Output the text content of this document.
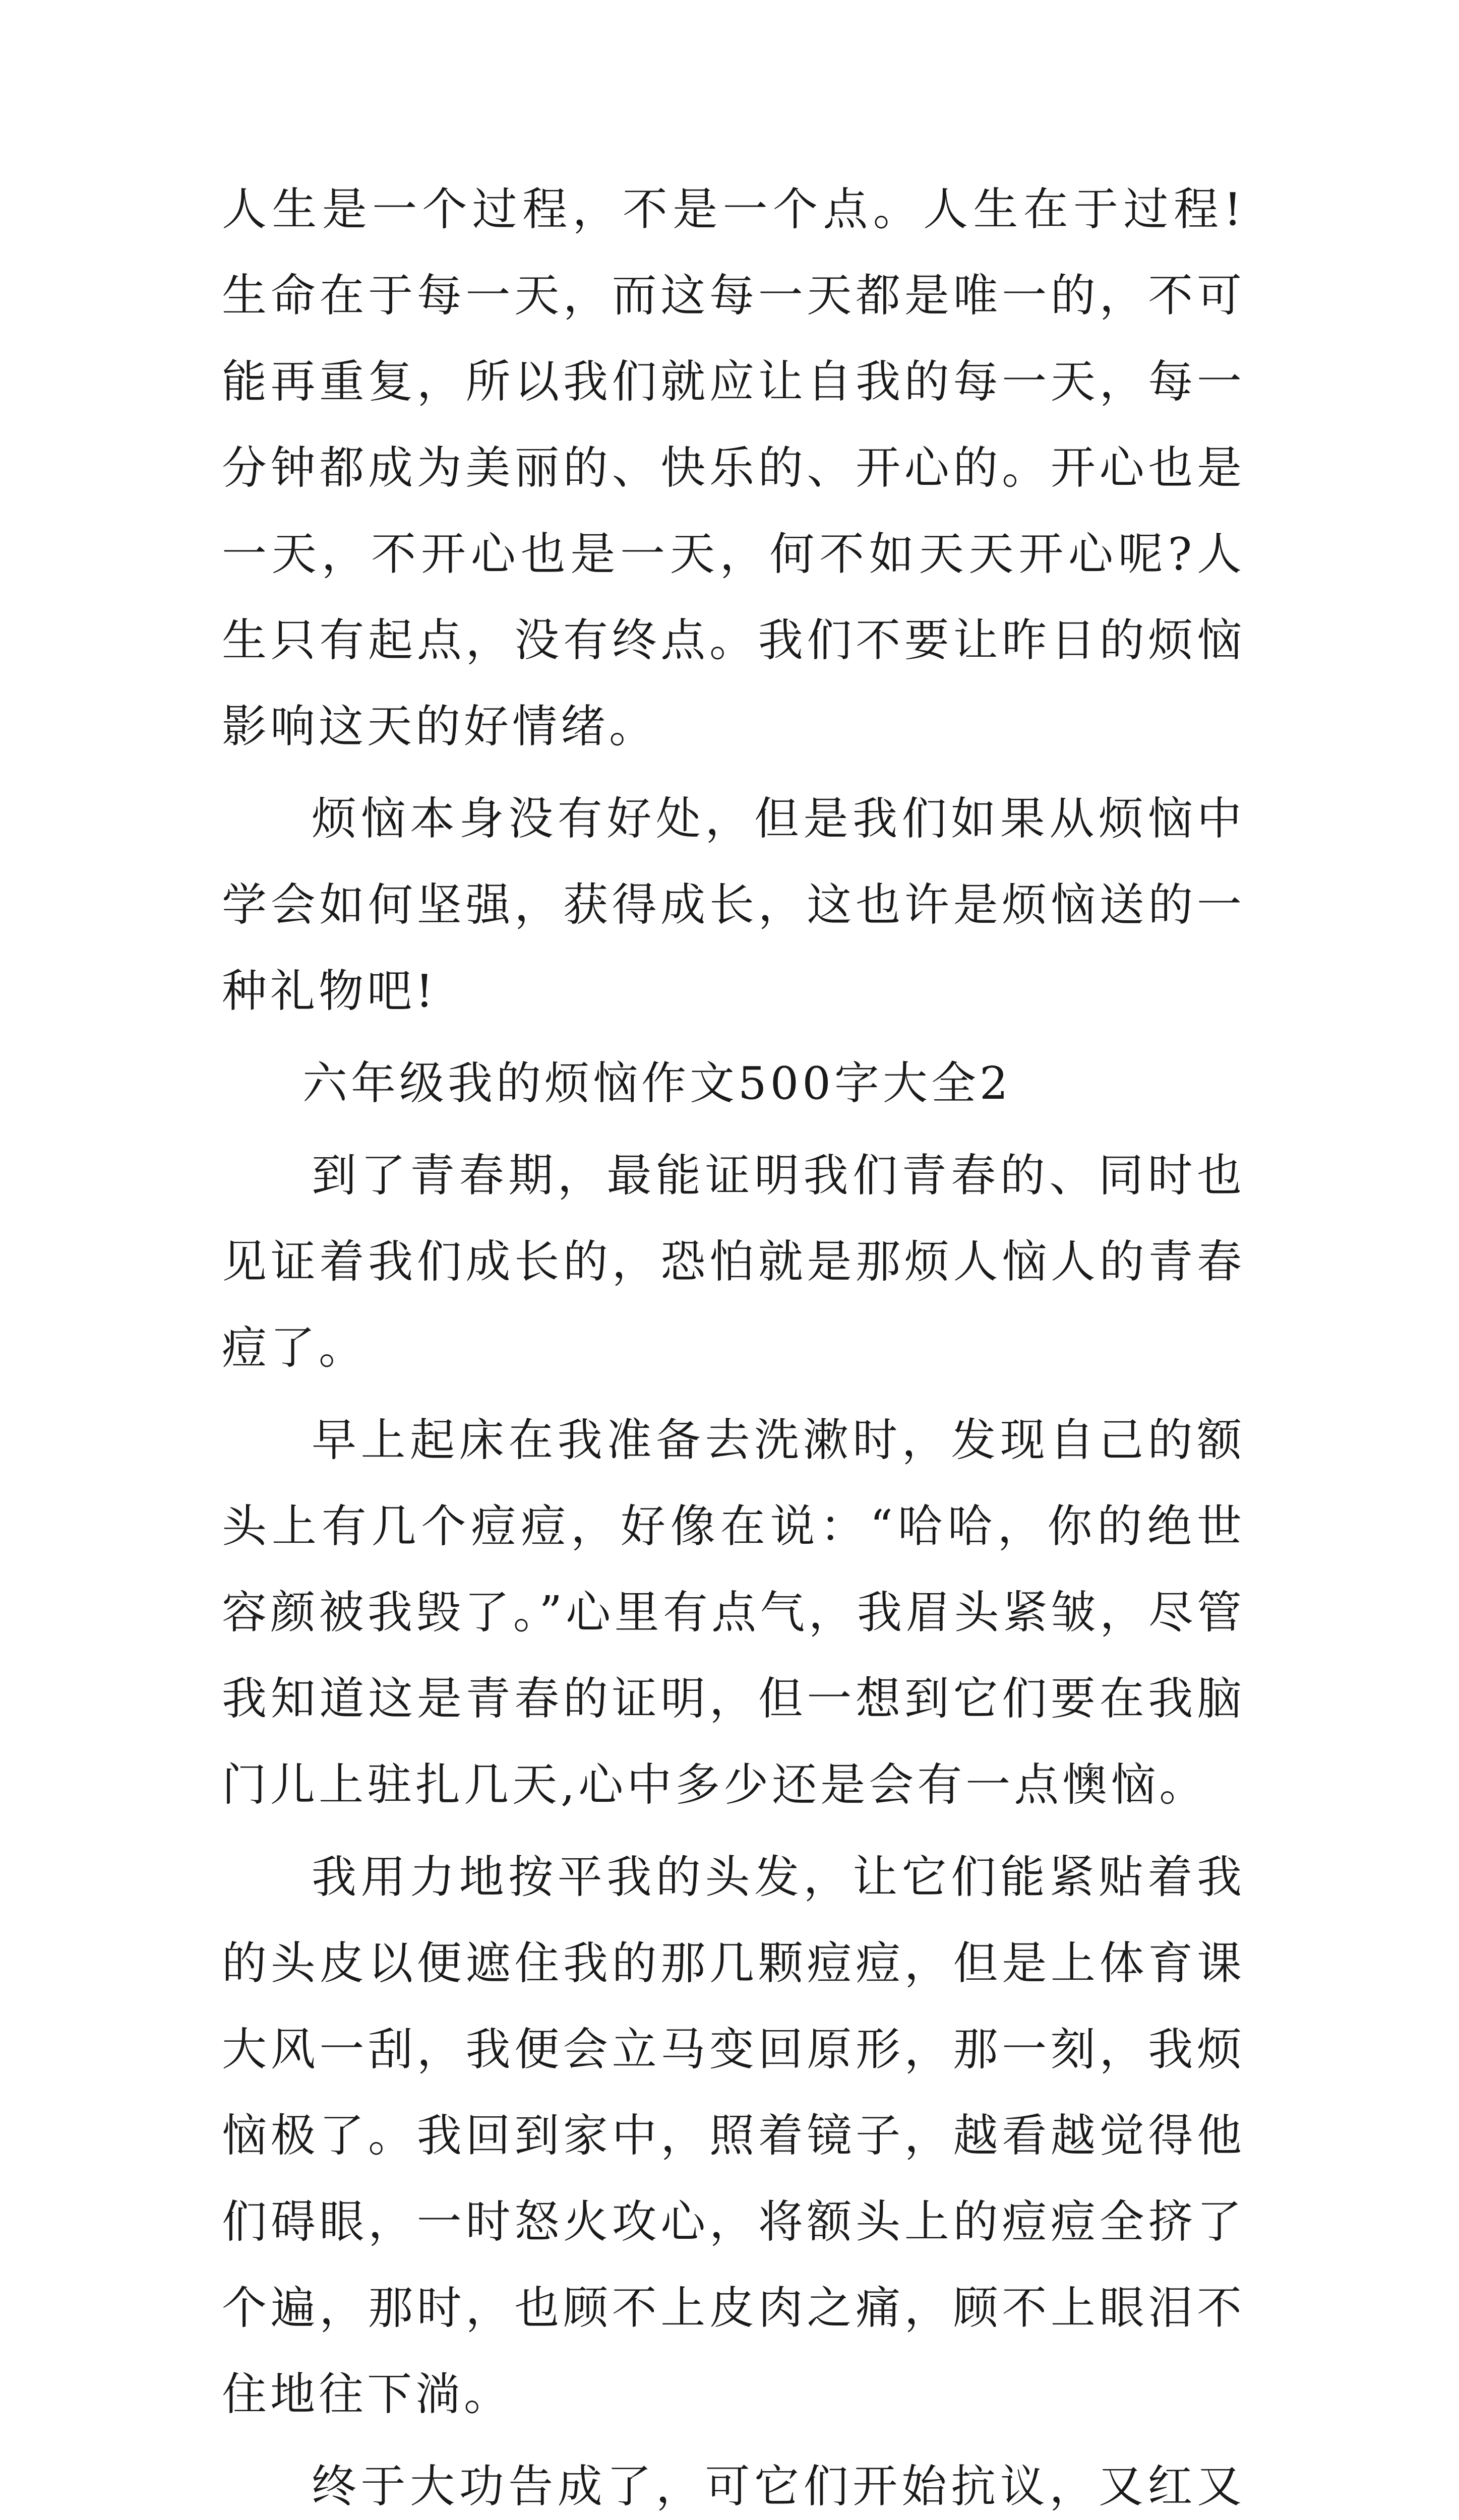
人生是一个过程，不是一个点。人生在于过程!生命在于每一天，而这每一天都是唯一的，不可能再重复，所以我们就应让自我的每一天，每一分钟都成为美丽的、快乐的、开心的。开心也是一天，不开心也是一天，何不如天天开心呢?人生只有起点，没有终点。我们不要让昨日的烦恼影响这天的好情绪。

烦恼本身没有好处，但是我们如果从烦恼中学会如何坚强，获得成长，这也许是烦恼送的一种礼物吧!

六年级我的烦恼作文500字大全2

到了青春期，最能证明我们青春的、同时也见证着我们成长的，恐怕就是那烦人恼人的青春痘了。

早上起床在我准备去洗漱时，发现自己的额头上有几个痘痘，好像在说：“哈哈，你的绝世容颜被我毁了。”心里有点气，我眉头紧皱，尽管我知道这是青春的证明，但一想到它们要在我脑门儿上驻扎几天,心中多少还是会有一点懊恼。

我用力地按平我的头发，让它们能紧贴着我的头皮以便遮住我的那几颗痘痘，但是上体育课大风一刮，我便会立马变回原形，那一刻，我烦恼极了。我回到家中，照着镜子，越看越觉得他们碍眼，一时怒火攻心，将额头上的痘痘全挤了个遍，那时，也顾不上皮肉之痛，顾不上眼泪不住地往下淌。

终于大功告成了，可它们开始抗议，又红又
